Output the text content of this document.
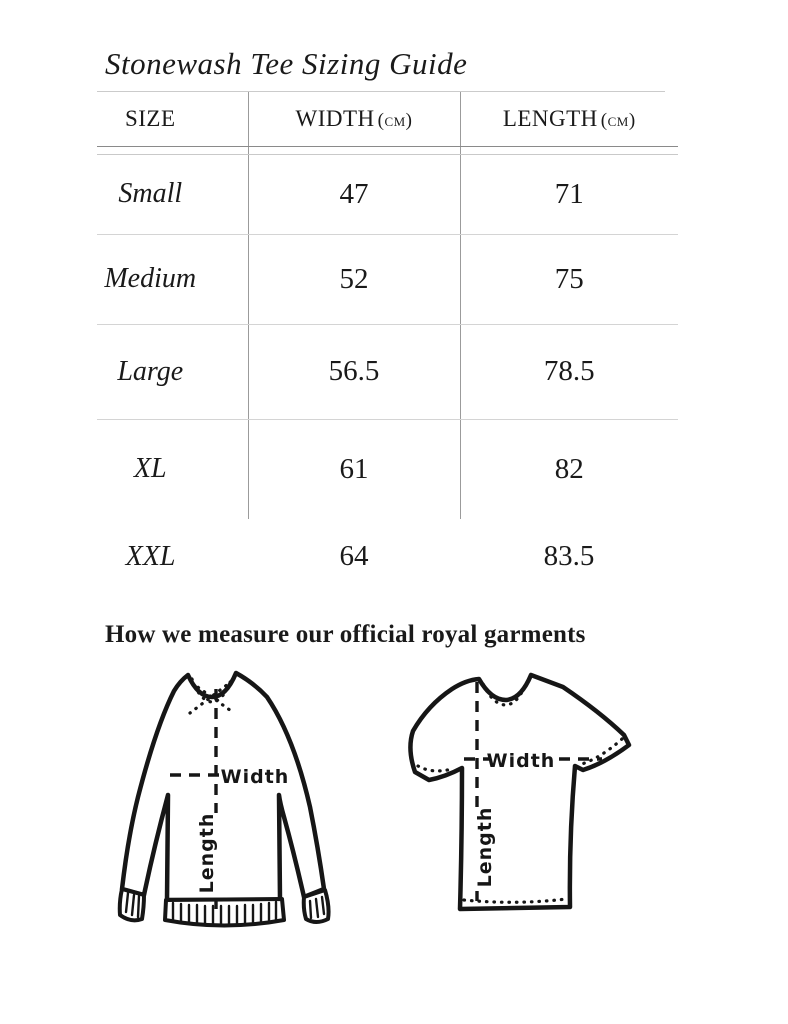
Stonewash Tee Sizing Guide
SIZE	WIDTH (cm)	LENGTH (cm)

Small	47	71
Medium	52	75
Large	56.5	78.5
XL	61	82
XXL	64	83.5
How we measure our official royal garments
Width
Length
Width
Length
